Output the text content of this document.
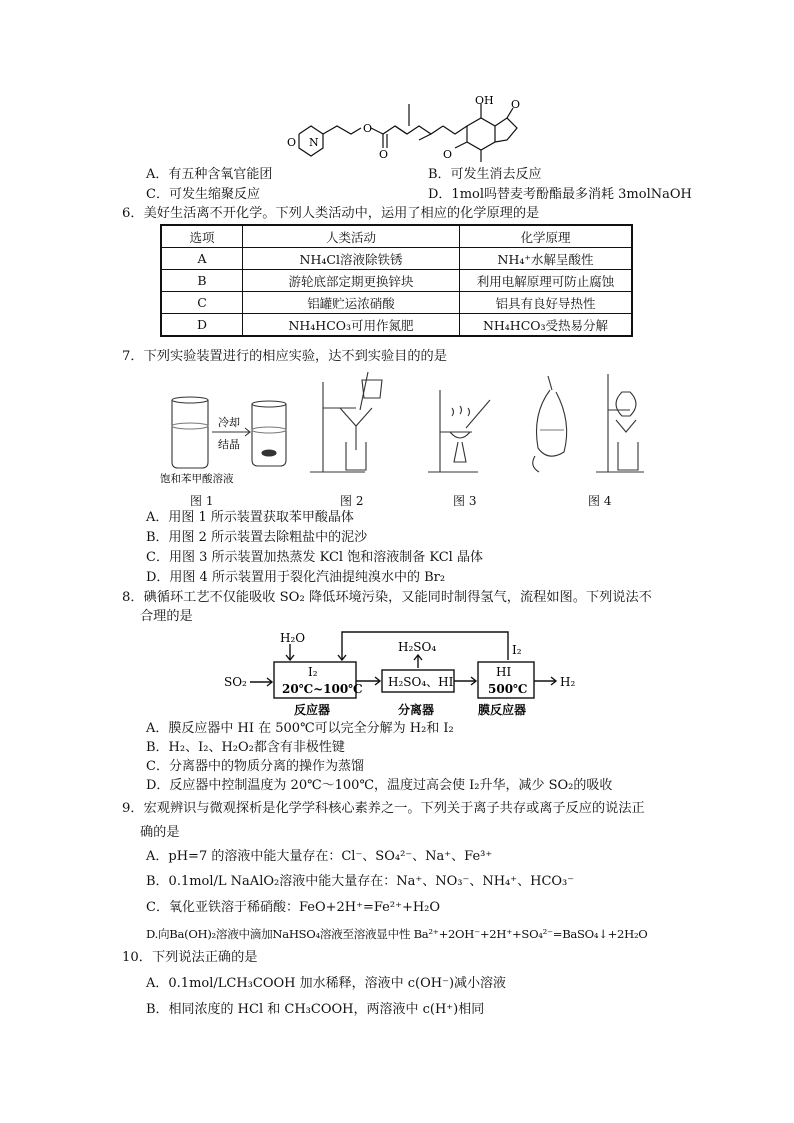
N
O
O
O
OH
O
O
A．有五种含氧官能团	B．可发生消去反应
C．可发生缩聚反应	D．1mol吗替麦考酚酯最多消耗 3molNaOH
6．美好生活离不开化学。下列人类活动中，运用了相应的化学原理的是
选项	人类活动	化学原理
A	NH₄Cl溶液除铁锈	NH₄⁺水解呈酸性
B	游轮底部定期更换锌块	利用电解原理可防止腐蚀
C	铝罐贮运浓硝酸	铝具有良好导热性
D	NH₄HCO₃可用作氮肥	NH₄HCO₃受热易分解
7．下列实验装置进行的相应实验，达不到实验目的的是
冷却
结晶
饱和苯甲酸溶液
图 1	图 2	图 3	图 4
A．用图 1 所示装置获取苯甲酸晶体
B．用图 2 所示装置去除粗盐中的泥沙
C．用图 3 所示装置加热蒸发 KCl 饱和溶液制备 KCl 晶体
D．用图 4 所示装置用于裂化汽油提纯溴水中的 Br₂
8．碘循环工艺不仅能吸收 SO₂ 降低环境污染，又能同时制得氢气，流程如图。下列说法不
合理的是
H₂O
SO₂
I₂
20℃~100℃
H₂SO₄
H₂SO₄、HI
I₂
HI
500℃	H₂
反应器	分离器	膜反应器
A．膜反应器中 HI 在 500℃可以完全分解为 H₂和 I₂
B．H₂、I₂、H₂O₂都含有非极性键
C．分离器中的物质分离的操作为蒸馏
D．反应器中控制温度为 20℃～100℃，温度过高会使 I₂升华，减少 SO₂的吸收
9．宏观辨识与微观探析是化学学科核心素养之一。下列关于离子共存或离子反应的说法正
确的是
A．pH=7 的溶液中能大量存在：Cl⁻、SO₄²⁻、Na⁺、Fe³⁺
B．0.1mol/L NaAlO₂溶液中能大量存在：Na⁺、NO₃⁻、NH₄⁺、HCO₃⁻
C．氧化亚铁溶于稀硝酸：FeO+2H⁺=Fe²⁺+H₂O
D.向Ba(OH)₂溶液中滴加NaHSO₄溶液至溶液显中性 Ba²⁺+2OH⁻+2H⁺+SO₄²⁻=BaSO₄↓+2H₂O
10．下列说法正确的是
A．0.1mol/LCH₃COOH 加水稀释，溶液中 c(OH⁻)减小溶液
B．相同浓度的 HCl 和 CH₃COOH，两溶液中 c(H⁺)相同
